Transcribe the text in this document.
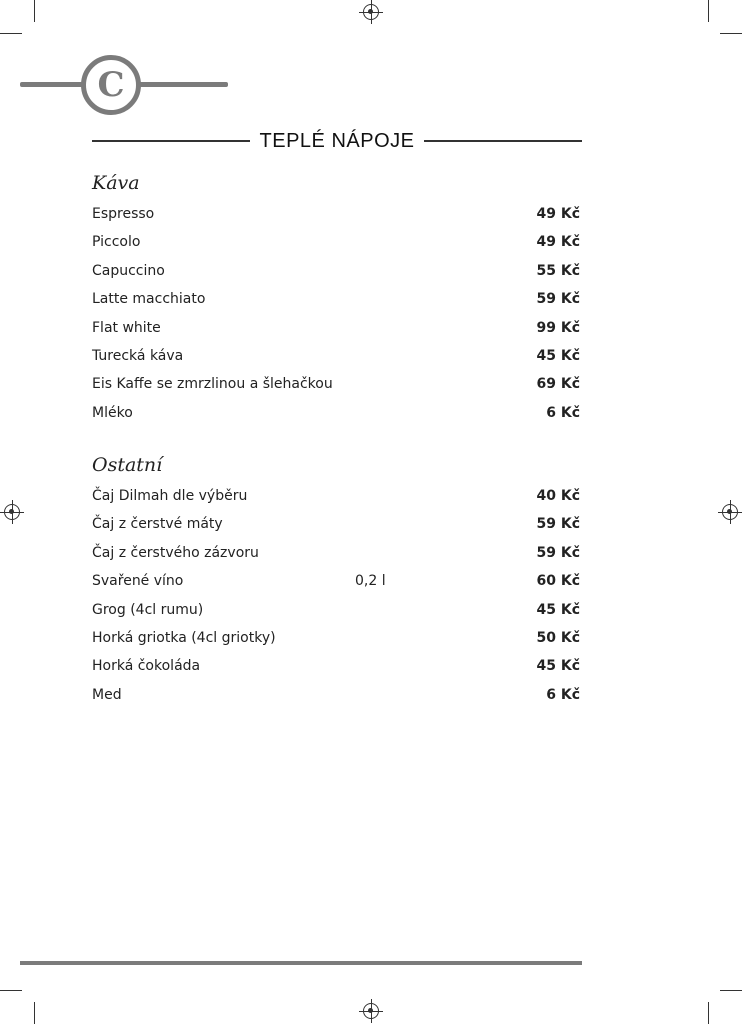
C
TEPLÉ NÁPOJE
Káva
Espresso	49 Kč
Piccolo	49 Kč
Capuccino	55 Kč
Latte macchiato	59 Kč
Flat white	99 Kč
Turecká káva	45 Kč
Eis Kaffe se zmrzlinou a šlehačkou	69 Kč
Mléko	6 Kč
Ostatní
Čaj Dilmah dle výběru	40 Kč
Čaj z čerstvé máty	59 Kč
Čaj z čerstvého zázvoru	59 Kč
Svařené víno	0,2 l	60 Kč
Grog (4cl rumu)	45 Kč
Horká griotka (4cl griotky)	50 Kč
Horká čokoláda	45 Kč
Med	6 Kč
